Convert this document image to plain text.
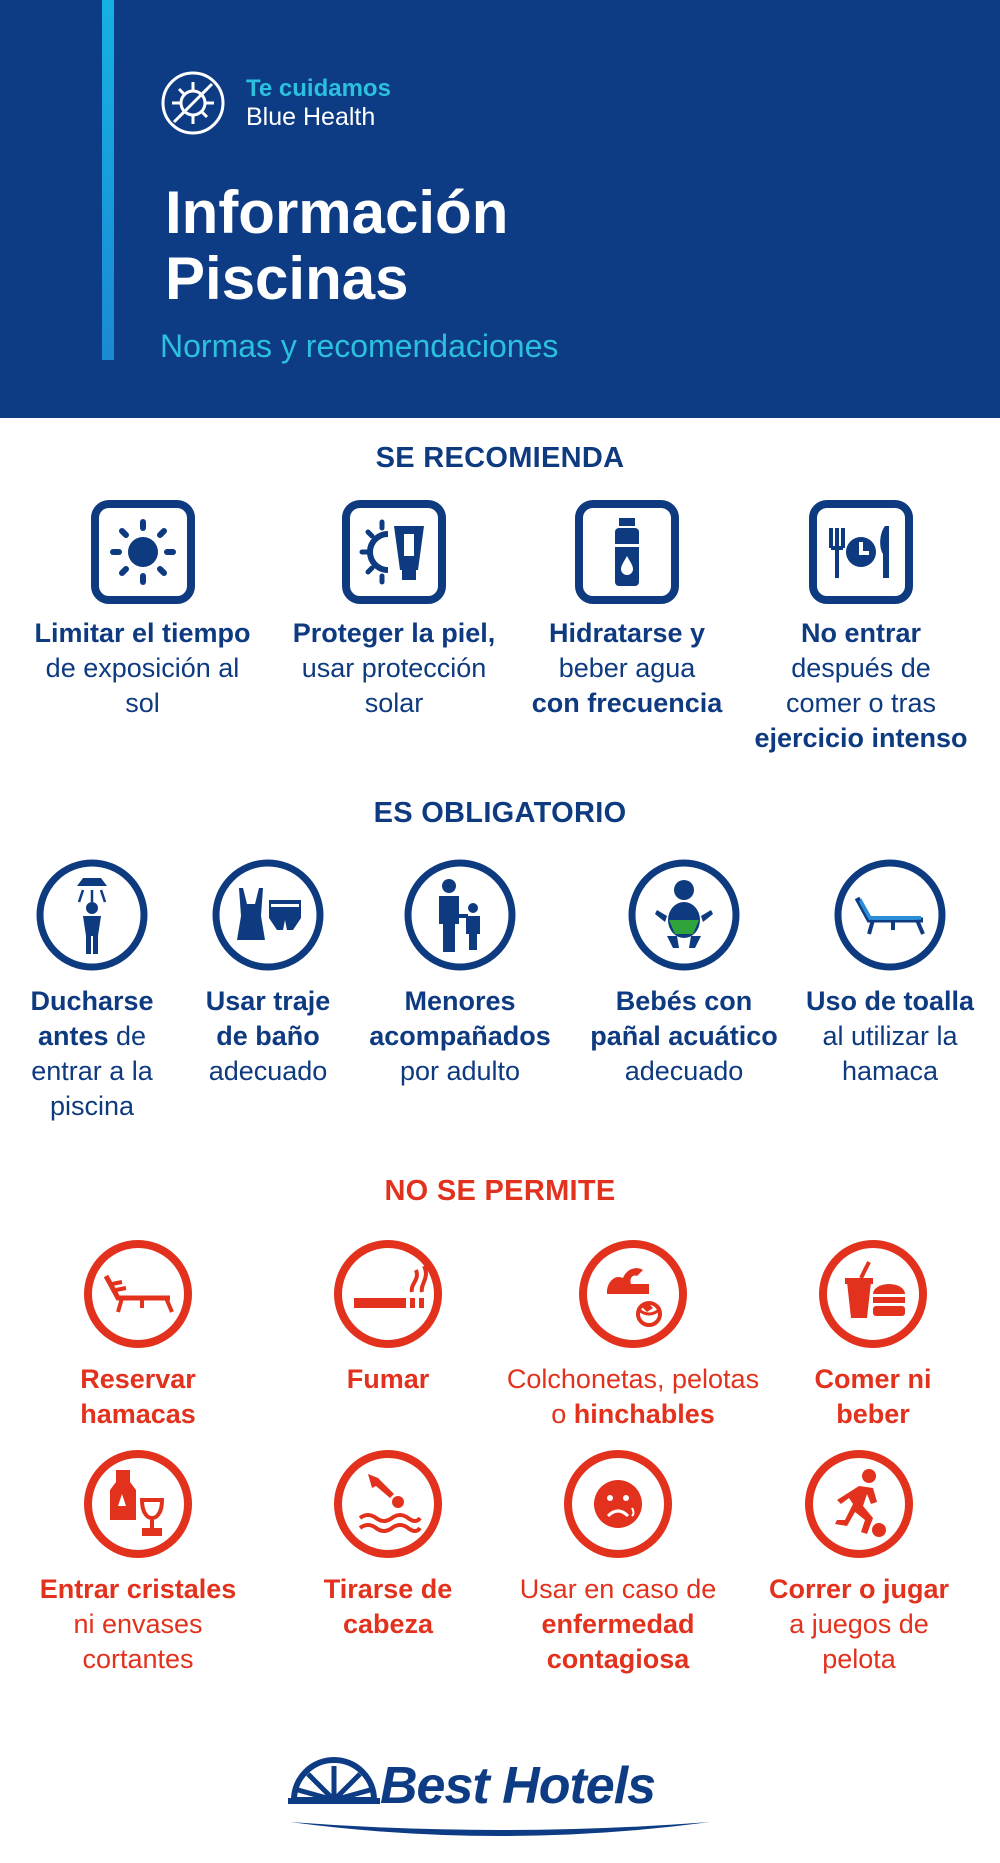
Te cuidamos
Blue Health
Información
Piscinas

Normas y recomendaciones

SE RECOMIENDA
Limitar el tiempo
de exposición al
sol
Proteger la piel,
usar protección
solar
Hidratarse y
beber agua
con frecuencia
No entrar
después de
comer o tras
ejercicio intenso
ES OBLIGATORIO
Ducharse
antes de
entrar a la
piscina
Usar traje
de baño
adecuado
Menores
acompañados
por adulto
Bebés con
pañal acuático
adecuado
Uso de toalla
al utilizar la
hamaca
NO SE PERMITE
Reservar
hamacas
Fumar	Colchonetas, pelotas
o hinchables
Comer ni
beber
Entrar cristales
ni envases
cortantes
Tirarse de
cabeza
Usar en caso de
enfermedad
contagiosa
Correr o jugar
a juegos de
pelota
Best Hotels
